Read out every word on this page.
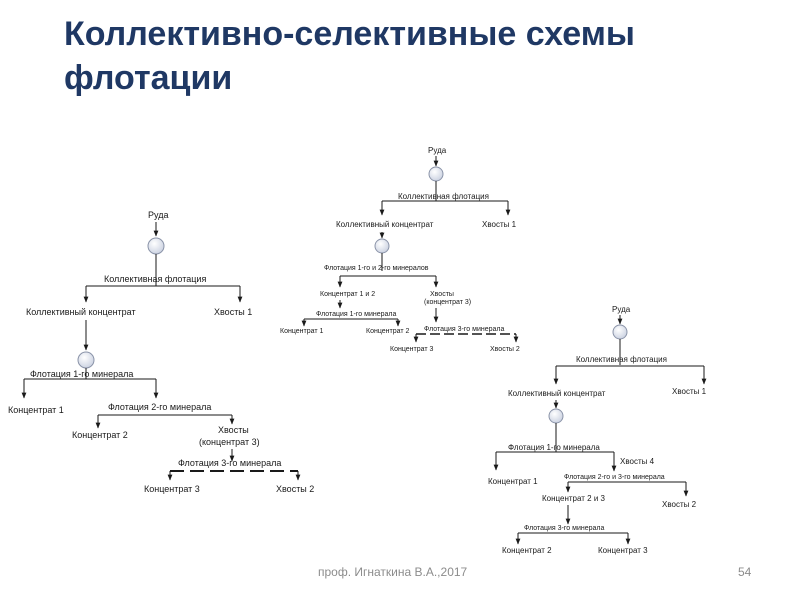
Коллективно-селективные схемы флотации
Руда
Коллективная флотация
Коллективный концентрат	Хвосты 1
Флотация 1-го минерала
Концентрат 1	Флотация 2-го минерала
Концентрат 2	Хвосты
(концентрат 3)
Флотация 3-го минерала
Концентрат 3	Хвосты 2
Руда
Коллективная флотация
Коллективный концентрат	Хвосты 1
Флотация 1-го и 2-го минералов
Концентрат 1 и 2	Хвосты
(концентрат 3)
Флотация 1-го минерала
Концентрат 1	Концентрат 2 Флотация 3-го минерала
Концентрат 3	Хвосты 2
Руда
Коллективная флотация
Коллективный концентрат	Хвосты 1
Флотация 1-го минерала
Концентрат 1
Хвосты 4
Флотация 2-го и 3-го минерала
Концентрат 2 и 3
Хвосты 2
Флотация 3-го минерала
Концентрат 2	Концентрат 3
проф. Игнаткина В.А.,2017	54
